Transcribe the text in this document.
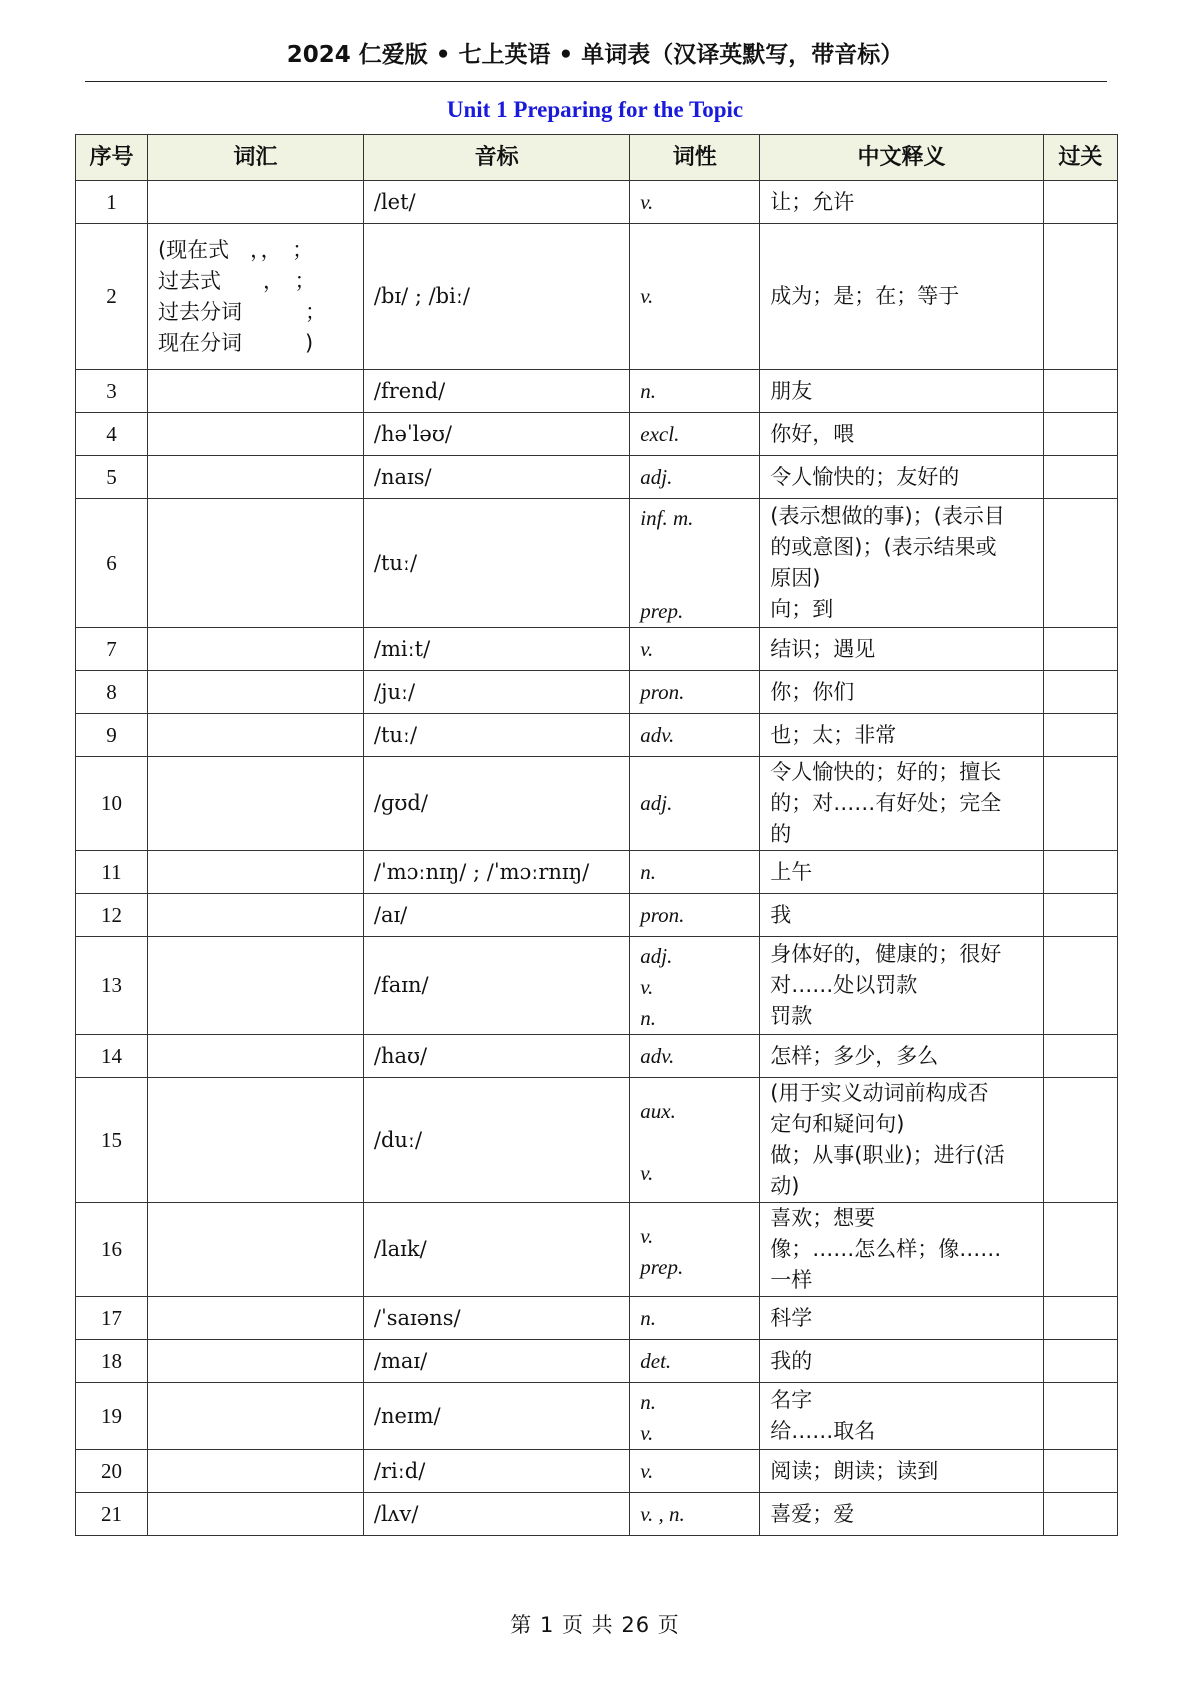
2024 仁爱版 • 七上英语 • 单词表（汉译英默写，带音标）
Unit 1 Preparing for the Topic
序号	词汇	音标	词性	中文释义	过关
1		/let/	v.	让；允许	

2	(现在式　，，　；
过去式　　，　；
过去分词　　　；
现在分词　　　)	/bɪ/ ; /biː/	v.	成为；是；在；等于	

3		/frend/	n.	朋友	

4		/həˈləʊ/	excl.	你好，喂	

5		/naɪs/	adj.	令人愉快的；友好的	

6		/tuː/	inf. m.
prep.	(表示想做的事)；(表示目
的或意图)；(表示结果或
原因)
向；到	

7		/miːt/	v.	结识；遇见	

8		/juː/	pron.	你；你们	

9		/tuː/	adv.	也；太；非常	

10		/ɡʊd/	adj.	令人愉快的；好的；擅长
的；对……有好处；完全
的	

11		/ˈmɔːnɪŋ/ ; /ˈmɔːrnɪŋ/	n.	上午	

12		/aɪ/	pron.	我	

13		/faɪn/	adj.
v.
n.	身体好的，健康的；很好
对……处以罚款
罚款	

14		/haʊ/	adv.	怎样；多少，多么	

15		/duː/	aux.
v.	(用于实义动词前构成否
定句和疑问句)
做；从事(职业)；进行(活
动)	

16		/laɪk/	v.
prep.	喜欢；想要
像；……怎么样；像……
一样	

17		/ˈsaɪəns/	n.	科学	

18		/maɪ/	det.	我的	

19		/neɪm/	n.
v.	名字
给……取名	

20		/riːd/	v.	阅读；朗读；读到	

21		/lʌv/	v. , n.	喜爱；爱	

第 1 页 共 26 页
